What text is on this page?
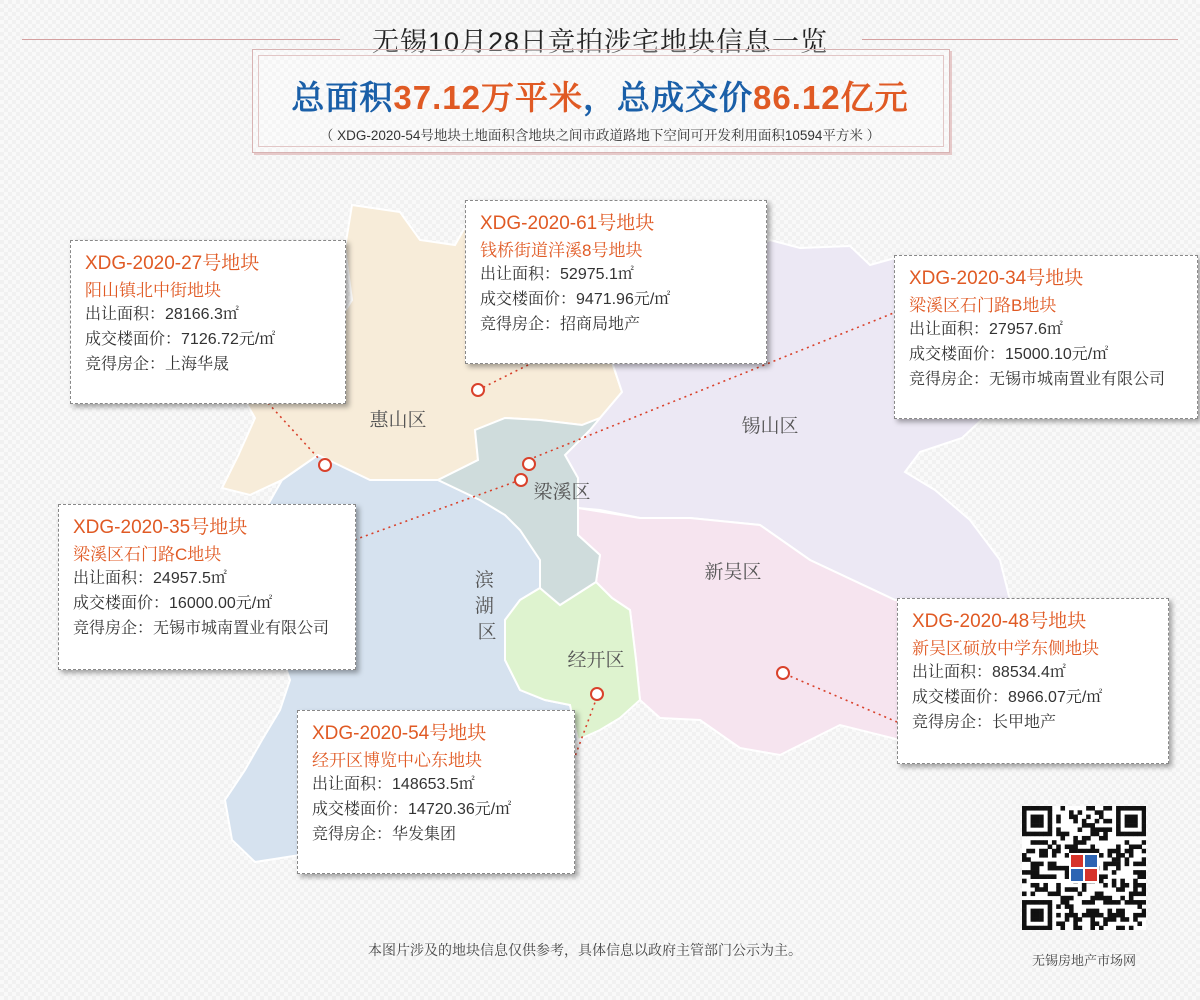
无锡10月28日竞拍涉宅地块信息一览
总面积37.12万平米，总成交价86.12亿元
（ XDG-2020-54号地块土地面积含地块之间市政道路地下空间可开发利用面积10594平方米 ）
惠山区	锡山区
梁溪区
新吴区
经开区
滨 湖 区
XDG-2020-27号地块
阳山镇北中街地块
出让面积：28166.3㎡
成交楼面价：7126.72元/㎡
竞得房企：上海华晟
XDG-2020-61号地块
钱桥街道洋溪8号地块
出让面积：52975.1㎡
成交楼面价：9471.96元/㎡
竞得房企：招商局地产
XDG-2020-34号地块
梁溪区石门路B地块
出让面积：27957.6㎡
成交楼面价：15000.10元/㎡
竞得房企：无锡市城南置业有限公司
XDG-2020-35号地块
梁溪区石门路C地块
出让面积：24957.5㎡
成交楼面价：16000.00元/㎡
竞得房企：无锡市城南置业有限公司	XDG-2020-48号地块
新吴区硕放中学东侧地块
出让面积：88534.4㎡
成交楼面价：8966.07元/㎡
竞得房企：长甲地产
XDG-2020-54号地块
经开区博览中心东地块
出让面积：148653.5㎡
成交楼面价：14720.36元/㎡
竞得房企：华发集团
本图片涉及的地块信息仅供参考，具体信息以政府主管部门公示为主。
无锡房地产市场网
